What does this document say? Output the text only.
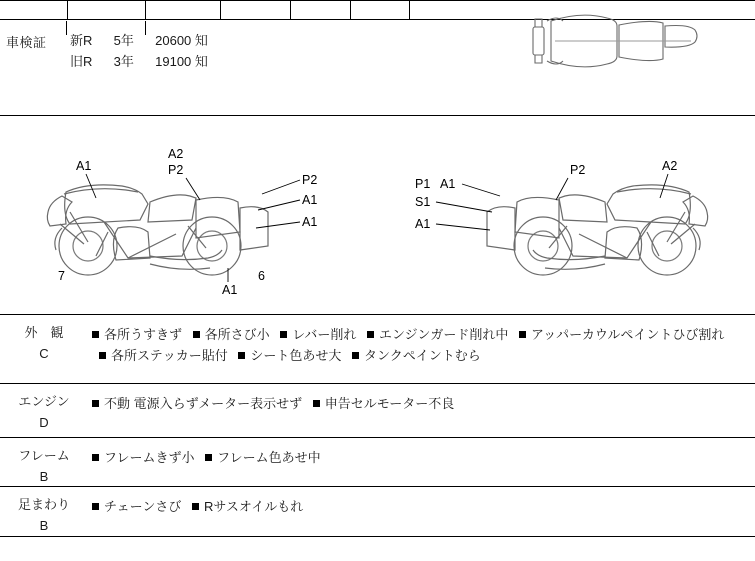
車検証 新R 5年 20600 知
旧R 3年 19100 知
A1
A2
P2
P2
A1
A1
A1
7	6
P1 A1
S1
A1
P2	A2
外　観
C
各所うすきず 各所さび小 レバー削れ エンジンガード削れ中 アッパーカウルペイントひび割れ 各所ステッカー貼付 シート色あせ大 タンクペイントむら
エンジン
D
不動 電源入らずメーター表示せず 申告セルモーター不良
フレーム
B
フレームきず小 フレーム色あせ中
足まわり
B
チェーンさび Rサスオイルもれ
